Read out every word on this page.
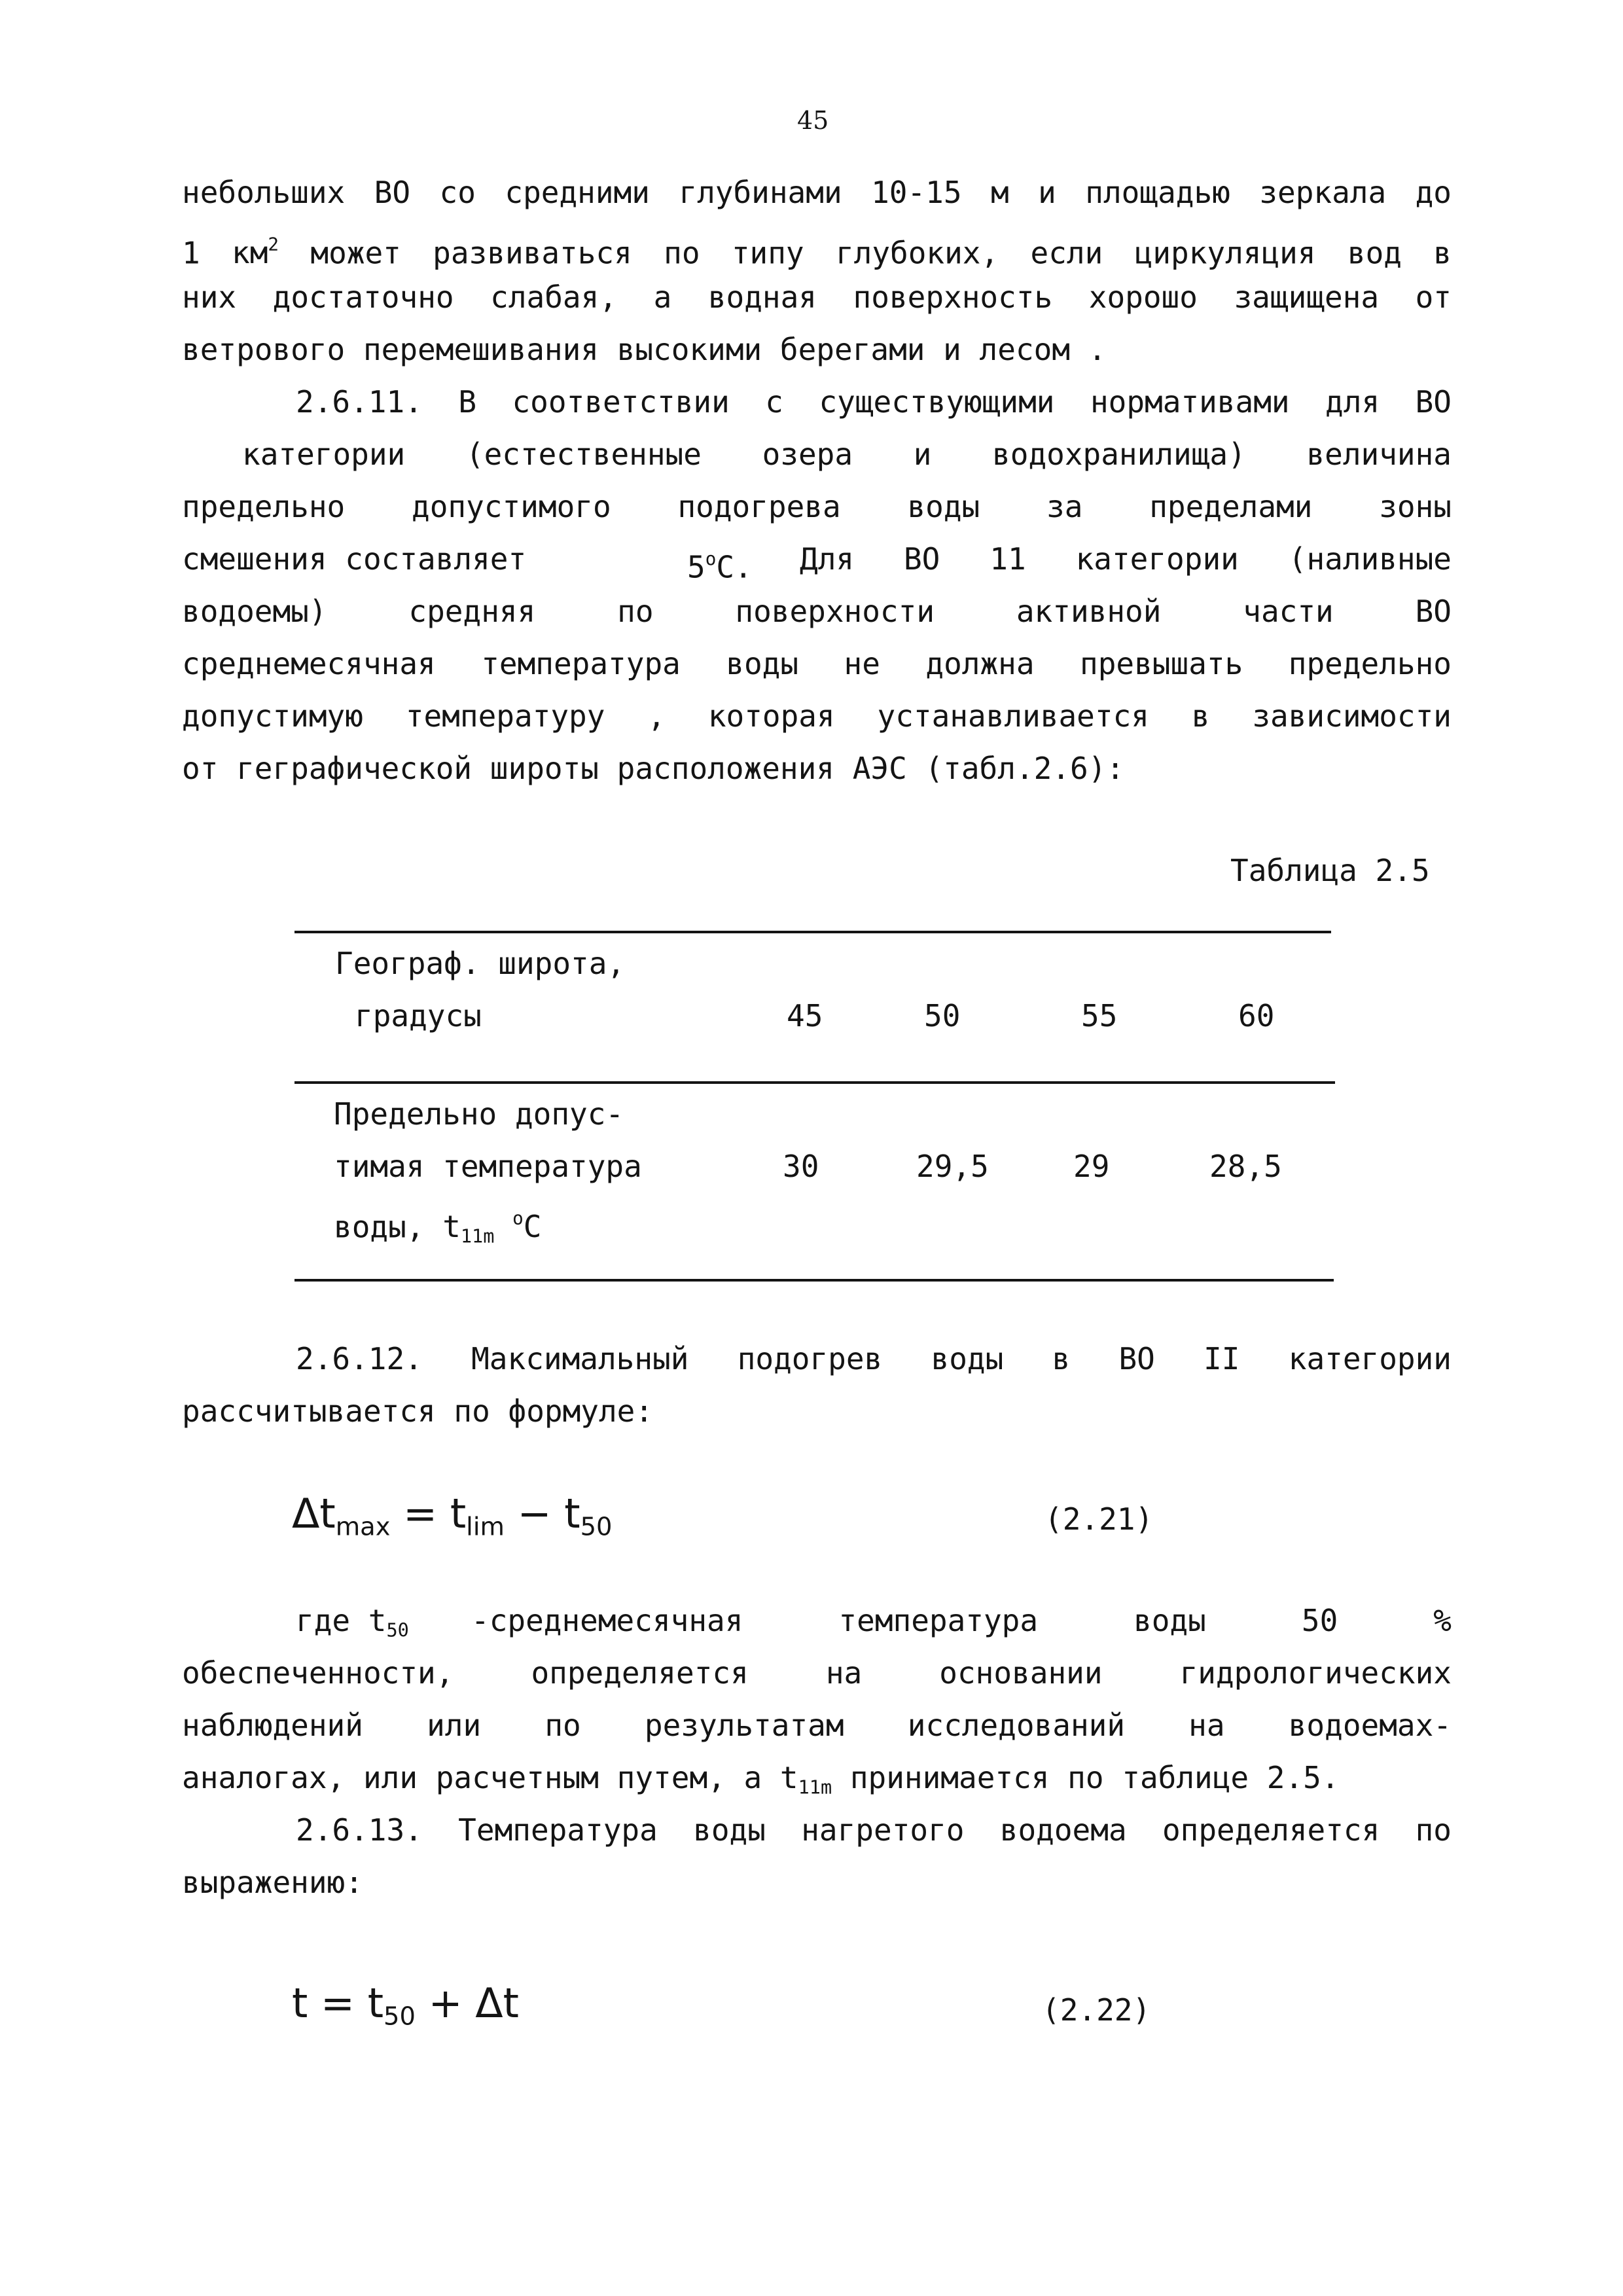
45
небольших ВО со средними глубинами 10-15 м и площадью зеркала до
1 $км^2$ может развиваться по типу глубоких, если циркуляция вод в
них достаточно слабая, а водная поверхность хорошо защищена от
ветрового перемешивания высокими берегами и лесом .
2.6.11. В соответствии с существующими нормативами для ВО
категории (естественные озера и водохранилища) величина
предельно допустимого подогрева воды за пределами зоны
смешения составляет	$5^оС$. Для ВО 11 категории (наливные
водоемы) средняя по поверхности активной части ВО
среднемесячная температура воды не должна превышать предельно
допустимую температуру , которая устанавливается в зависимости
от геграфической широты расположения АЭС (табл.2.6):
Таблица 2.5
Географ. широта,
градусы	45	50	55	60
Предельно допус-
тимая температура
воды, $t_{11m}$ $^о$С
30	29,5	29	28,5
2.6.12. Максимальный подогрев воды в ВО II категории
рассчитывается по формуле:
$\Delta t_{max} = t_{lim} - t_{50}$	(2.21)
где $t_{50}$ -среднемесячная температура воды 50 %
обеспеченности, определяется на основании гидрологических
наблюдений или по результатам исследований на водоемах-
аналогах, или расчетным путем, а $t_{11m}$ принимается по таблице 2.5.
2.6.13. Температура воды нагретого водоема определяется по
выражению:
$t = t_{50} + \Delta t$	(2.22)
